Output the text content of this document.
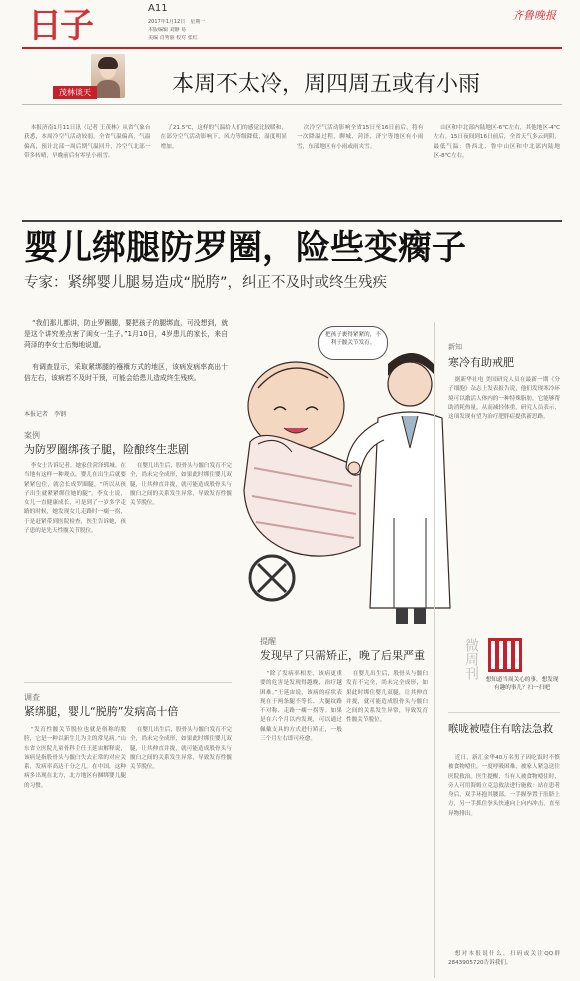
日子	A11
2017年1月12日　星期一
本版编辑 刘静 易
美编 肖秀丽 校对 张红
齐鲁晚报
茂林谈天	本周不太冷，周四周五或有小雨
本报济南1月11日讯（记者 王茂林）从省气象台获悉，本周冷空气活动较弱，全省气温偏高，气温偏高，预计北部一周后期气温回升，冷空气北部一带多转晴，早晚前后有零星小雨雪。
了21.5℃，这样的气温给人们的感觉比较暖和，在部分空气活动影响下，风力等级降低，湿度明显增加。
次冷空气活动影响全省15日至16日前后，将有一次降温过程，聊城、菏泽、济宁等地区有小雨雪，东部地区有小雨或雨夹雪。
山区和中北部内陆地区-6℃左右，其他地区-4℃左右。15日夜间到16日前后，全省天气多云到阴，最低气温：鲁西北、鲁中山区和中北部内陆地区-8℃左右。
婴儿绑腿防罗圈，险些变瘸子
专家：紧绑婴儿腿易造成“脱胯”，纠正不及时或终生残疾
“我们那儿都讲，防止罗圈腿，要把孩子的腿绑直，可没想到，就是这个讲究差点害了闺女一生子。”1月10日，4岁患儿的家长，来自菏泽的李女士后悔地说道。
有调查显示，采取紧绑腿的襁褓方式的地区，该病发病率高出十倍左右，该病若不及时干预，可能会给患儿造成终生残疾。
本报记者　李钢
案例
为防罗圈绑孩子腿，险酿终生悲剧
李女士告诉记者，她家住菏泽郓城。在当地有这样一种观点，婴儿在出生后就要紧紧包住，就会长成罗圈腿，“所以从孩子出生就紧紧绑住她的腿”。李女士说，女儿一直健康成长，可是到了一岁多学走路的时候，她发现女儿走路时一瘸一拐，于是赶紧带到医院检查，医生告诉她，孩子患的是先天性髋关节脱位。
在婴儿出生后，股骨头与髋臼发育不完全，尚未完全成形，如果此时绑住婴儿双腿，让其伸直并拢，就可能造成股骨头与髋臼之间的关系发生异常，导致发育性髋关节脱位。
把孩子裹得紧紧的，不利于髋关节发育。
调查
紧绑腿，婴儿“脱胯”发病高十倍
“发育性髋关节脱位也就是俗称的脱胯，它是一种以新生儿为主的常见病。”山东省立医院儿童骨科主任王延宙解释说，该病是指股骨头与髋臼失去正常的对应关系，发病率高达千分之几。在中国，这种病多出现在北方，北方地区有捆绑婴儿腿的习惯。
在婴儿出生后，股骨头与髋臼发育不完全，尚未完全成形，如果此时绑住婴儿双腿，让其伸直并拢，就可能造成股骨头与髋臼之间的关系发生异常，导致发育性髋关节脱位。
提醒
发现早了只需矫正，晚了后果严重
“除了发病率相差，该病更重要的危害是发现得越晚，治疗越困难。”王延宙说，该病的症状表现在于两条腿不等长、大腿纹路不对称、走路一瘸一拐等。如果是在六个月以内发现，可以通过佩戴支具的方式进行矫正，一般三个月左右即可痊愈。
在婴儿出生后，股骨头与髋臼发育不完全，尚未完全成形，如果此时绑住婴儿双腿，让其伸直并拢，就可能造成股骨头与髋臼之间的关系发生异常，导致发育性髋关节脱位。
新知
寒冷有助戒肥
据新华社电 美国研究人员在最新一期《分子细胞》杂志上发表报告说，他们发现寒冷环境可以激活人体内的一种特殊脂肪，它能够帮助消耗热量，从而减轻体重。研究人员表示，这项发现有望为治疗肥胖症提供新思路。
微周刊 想知道当周关心的事，想发现有趣的事儿？扫一扫吧
喉咙被噎住有啥法急救
近日，新汇金华40万名男子因吃饭时不慎被食物噎住，一度呼吸困难，被家人紧急送往医院救治。医生提醒，当有人被食物噎住时，旁人可用海姆立克急救法进行施救：站在患者身后，双手环抱其腰部，一手握拳置于肚脐上方，另一手抓住拳头快速向上向内冲击，直至异物排出。
想对本报说什么，扫码或关注QQ群2843905720告诉我们。
